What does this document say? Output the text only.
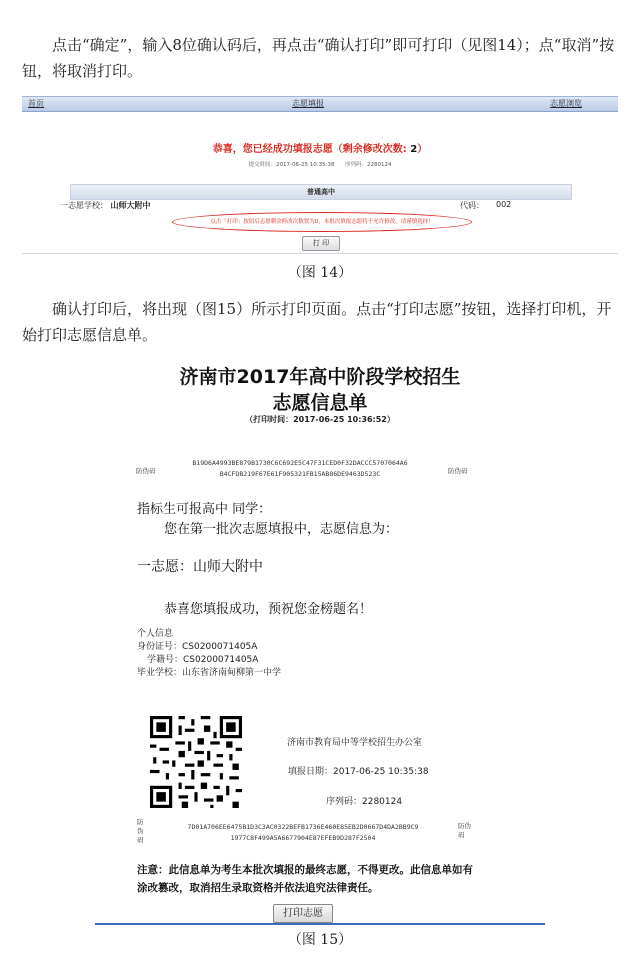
点击“确定”，输入8位确认码后，再点击“确认打印”即可打印（见图14）；点“取消”按钮，将取消打印。

首页	志愿填报	志愿浏览
恭喜，您已经成功填报志愿（剩余修改次数: 2）
提交时间：2017-06-25 10:35:38 序列码：2280124
普通高中
一志愿学校： 山师大附中	代码： 002
点击「打印」按钮后志愿剩余修改次数置为0，本批次填报志愿将不允许修改，请谨慎选择！
打 印
（图 14）

确认打印后，将出现（图15）所示打印页面。点击“打印志愿”按钮，选择打印机，开始打印志愿信息单。

济南市2017年高中阶段学校招生
志愿信息单
（打印时间：2017-06-25 10:36:52）
防伪码
B19D6A4993BE879B1730C6C692E5C47F31CED0F32DACCC5707064A6
B4CFDB219F67E61F905321FB15AB86DE9463D523C	防伪码
指标生可报高中 同学：
您在第一批次志愿填报中，志愿信息为：
一志愿：山师大附中
恭喜您填报成功，预祝您金榜题名！
个人信息
身份证号：CS0200071405A
学籍号：CS0200071405A
毕业学校：山东省济南甸柳第一中学
济南市教育局中等学校招生办公室
填报日期：2017-06-25 10:35:38
序列码：2280124
防
伪
码
7D01A706EE6475B1D3C3AC0322BEFB1736E460E85EB2D0667D4DA2BB9C9
1977C8F499A5A6677904E87EFEB9D287F2504
防伪
码
注意：此信息单为考生本批次填报的最终志愿，不得更改。此信息单如有涂改篡改，取消招生录取资格并依法追究法律责任。
打印志愿
（图 15）
